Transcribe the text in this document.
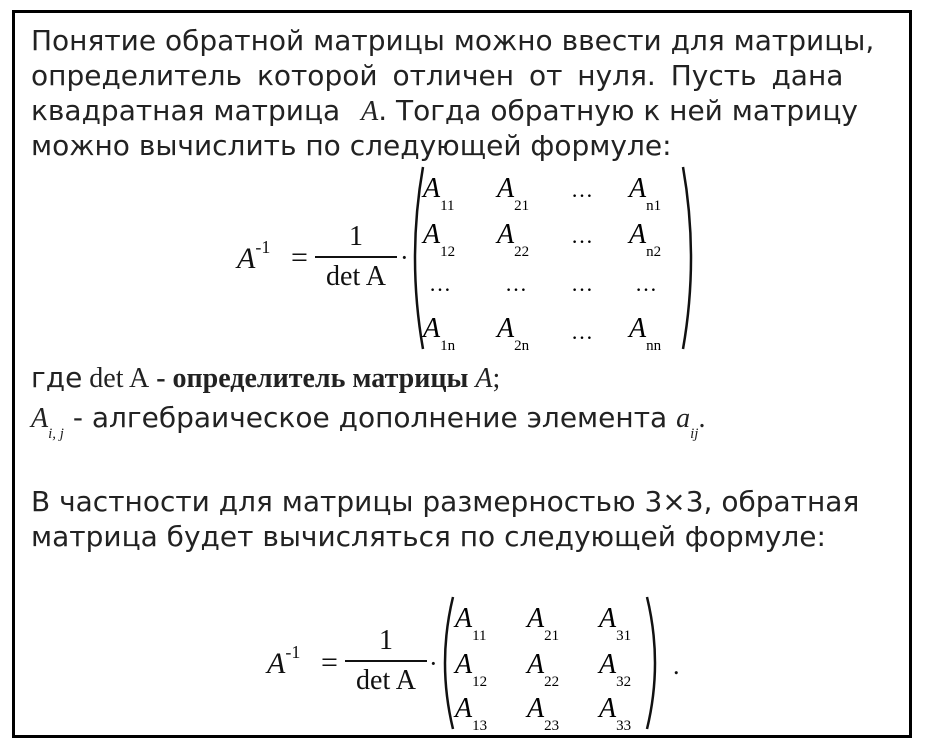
Понятие обратной матрицы можно ввести для матрицы,

определитель которой отличен от нуля. Пусть дана

квадратная матрица A. Тогда обратную к ней матрицу

можно вычислить по следующей формуле:

$A^{-1}$ =
1
det A
·
$A_{11}$
$A_{21}$
… $A_{n1}$
$A_{12}$
$A_{22}$
… $A_{n2}$
… … … …
$A_{1n}$
$A_{2n}$
… $A_{nn}$
где det A - определитель матрицы A;
$A_{i, j}$ - алгебраическое дополнение элемента $a_{ij}$.

В частности для матрицы размерностью 3×3, обратная

матрица будет вычисляться по следующей формуле:

$A^{-1}$ =
1
det A
·
$A_{11}$
$A_{21}$
$A_{31}$
$A_{12}$
$A_{22}$
$A_{32}$
$A_{13}$
$A_{23}$
$A_{33}$
.
